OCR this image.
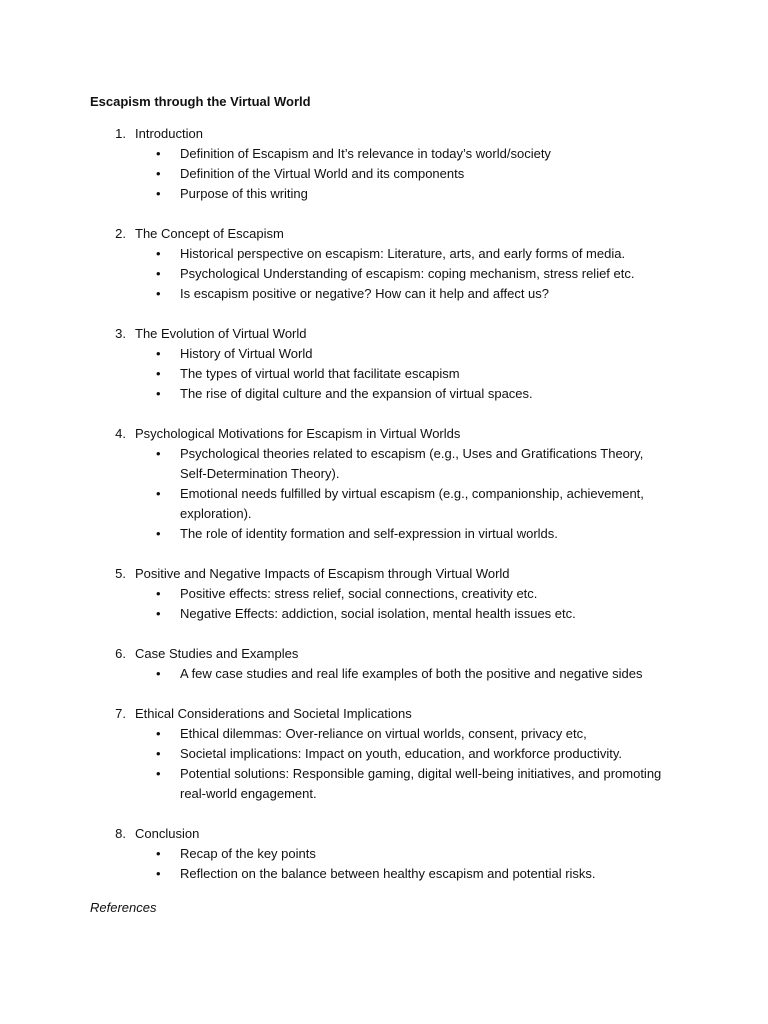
Escapism through the Virtual World
1. Introduction
•	Definition of Escapism and It’s relevance in today’s world/society
•	Definition of the Virtual World and its components
•	Purpose of this writing
2. The Concept of Escapism
•	Historical perspective on escapism: Literature, arts, and early forms of media.
•	Psychological Understanding of escapism: coping mechanism, stress relief etc.
•	Is escapism positive or negative? How can it help and affect us?
3. The Evolution of Virtual World
•	History of Virtual World
•	The types of virtual world that facilitate escapism
•	The rise of digital culture and the expansion of virtual spaces.
4. Psychological Motivations for Escapism in Virtual Worlds
•	Psychological theories related to escapism (e.g., Uses and Gratifications Theory, Self-Determination Theory).
•	Emotional needs fulfilled by virtual escapism (e.g., companionship, achievement, exploration).
•	The role of identity formation and self-expression in virtual worlds.
5. Positive and Negative Impacts of Escapism through Virtual World
•	Positive effects: stress relief, social connections, creativity etc.
•	Negative Effects: addiction, social isolation, mental health issues etc.
6. Case Studies and Examples
•	A few case studies and real life examples of both the positive and negative sides
7. Ethical Considerations and Societal Implications
•	Ethical dilemmas: Over-reliance on virtual worlds, consent, privacy etc,
•	Societal implications: Impact on youth, education, and workforce productivity.
•	Potential solutions: Responsible gaming, digital well-being initiatives, and promoting real-world engagement.
8. Conclusion
•	Recap of the key points
•	Reflection on the balance between healthy escapism and potential risks.
References
